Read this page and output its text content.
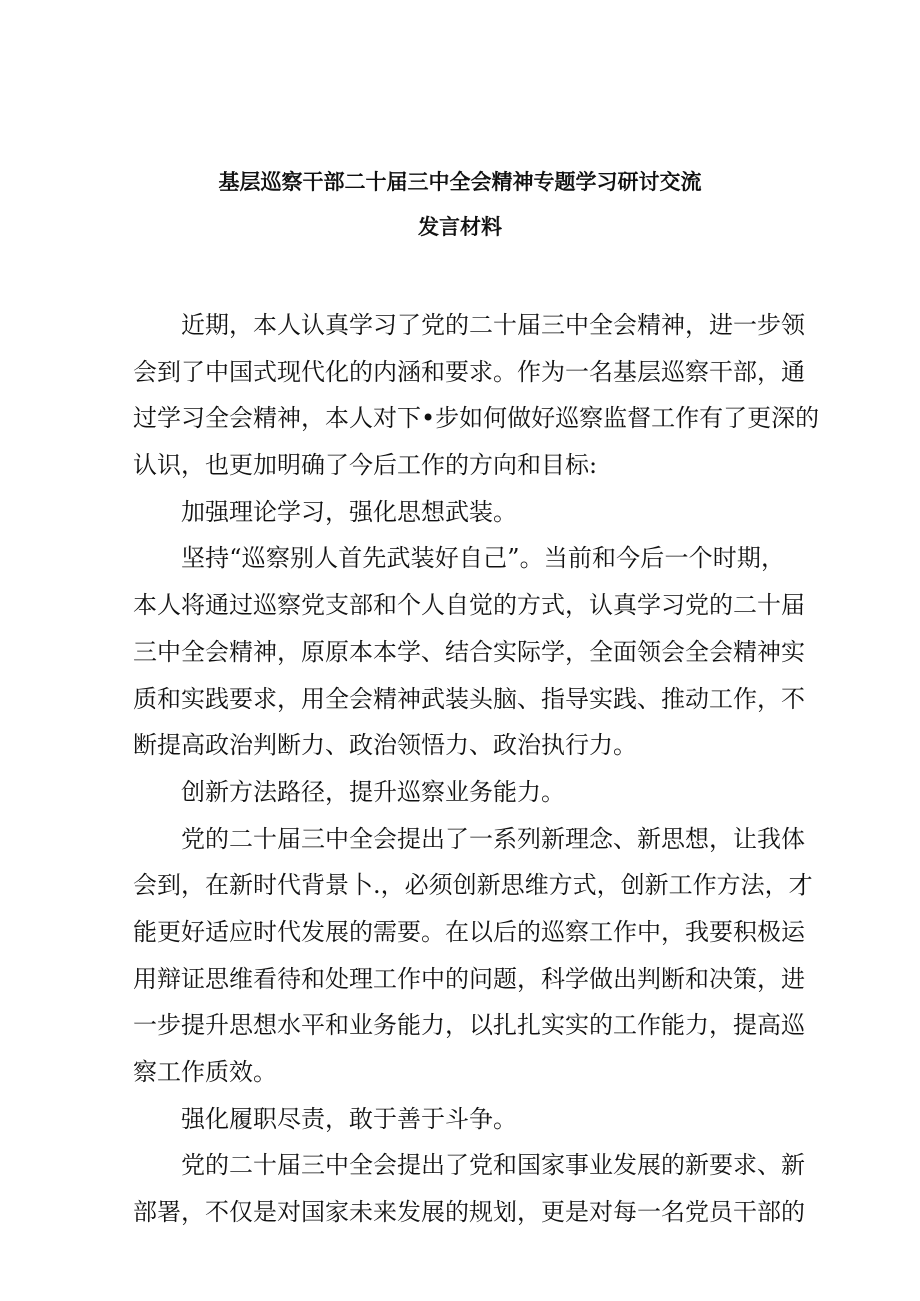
基层巡察干部二十届三中全会精神专题学习研讨交流
发言材料
近期，本人认真学习了党的二十届三中全会精神，进一步领
会到了中国式现代化的内涵和要求。作为一名基层巡察干部，通
过学习全会精神，本人对下•步如何做好巡察监督工作有了更深的
认识，也更加明确了今后工作的方向和目标:
加强理论学习，强化思想武装。
坚持“巡察别人首先武装好自己”。当前和今后一个时期，
本人将通过巡察党支部和个人自觉的方式，认真学习党的二十届
三中全会精神，原原本本学、结合实际学，全面领会全会精神实
质和实践要求，用全会精神武装头脑、指导实践、推动工作，不
断提高政治判断力、政治领悟力、政治执行力。
创新方法路径，提升巡察业务能力。
党的二十届三中全会提出了一系列新理念、新思想，让我体
会到，在新时代背景卜.，必须创新思维方式，创新工作方法，才
能更好适应时代发展的需要。在以后的巡察工作中，我要积极运
用辩证思维看待和处理工作中的问题，科学做出判断和决策，进
一步提升思想水平和业务能力，以扎扎实实的工作能力，提高巡
察工作质效。
强化履职尽责，敢于善于斗争。
党的二十届三中全会提出了党和国家事业发展的新要求、新
部署，不仅是对国家未来发展的规划，更是对每一名党员干部的
